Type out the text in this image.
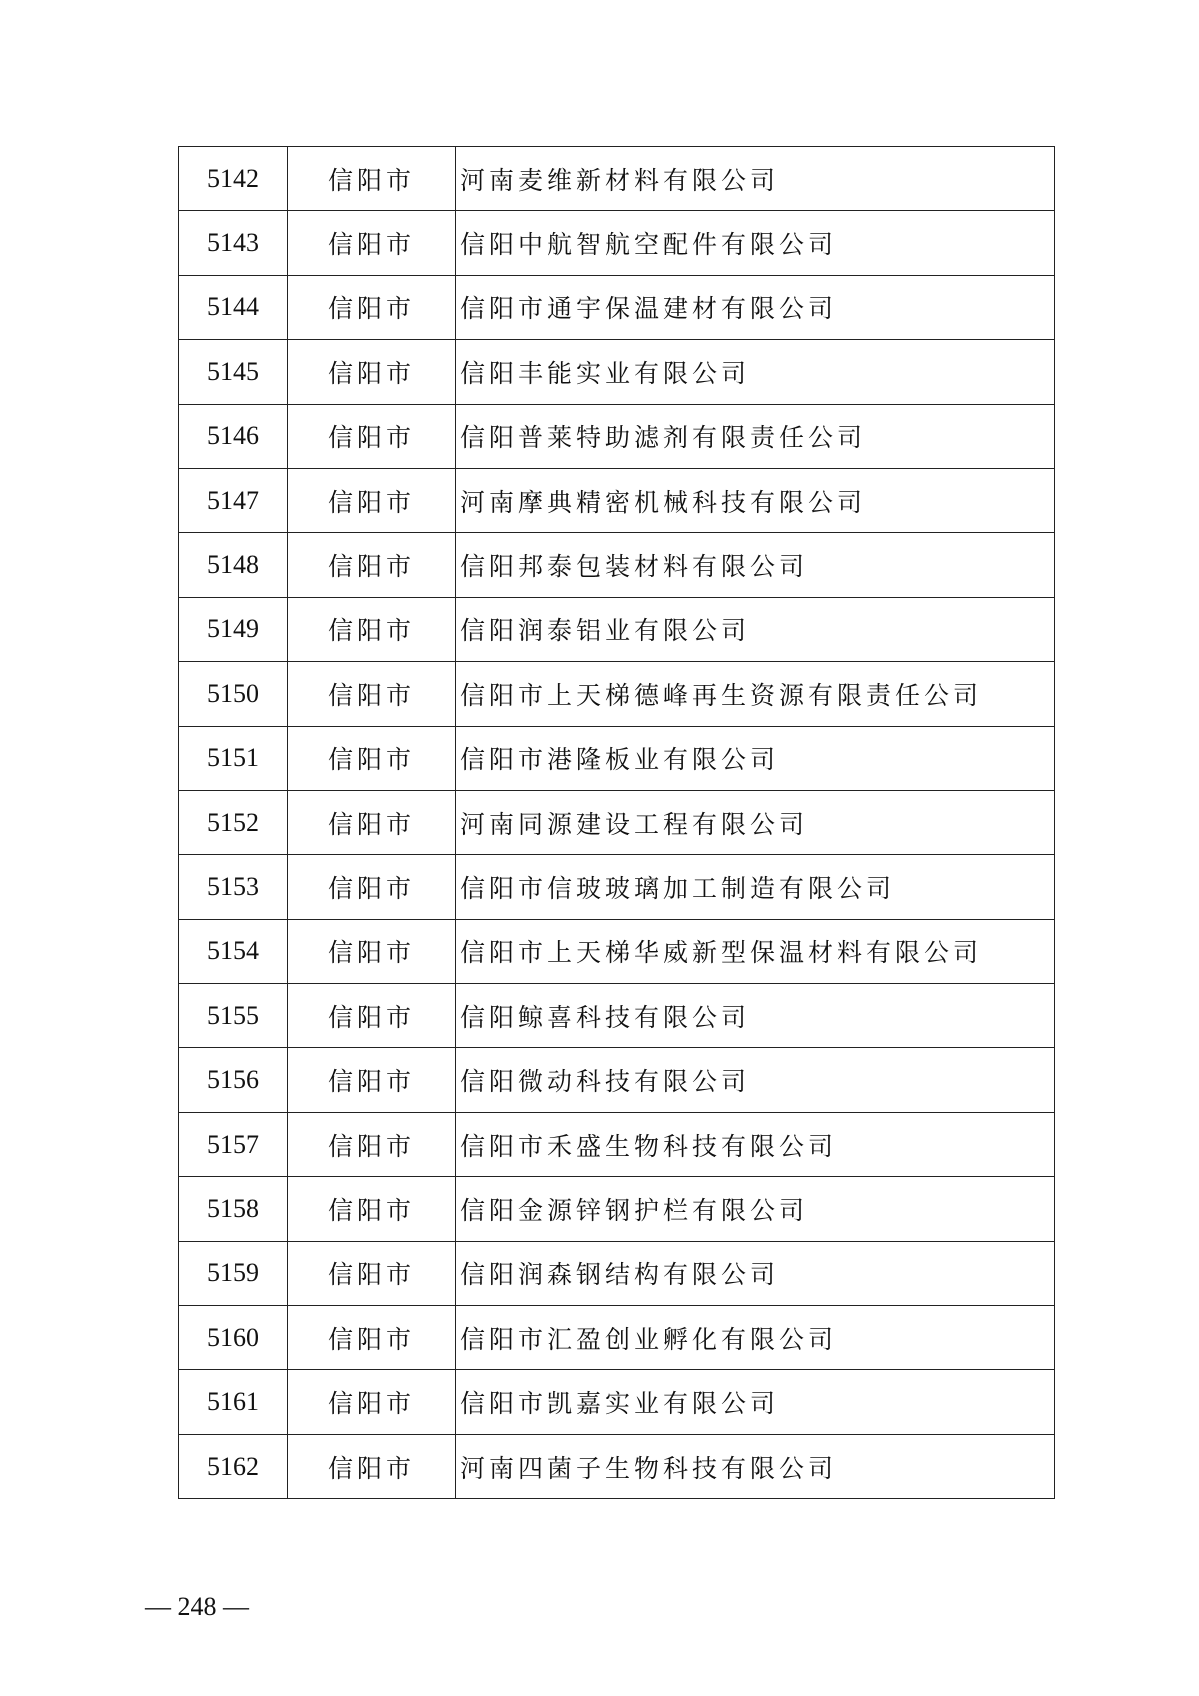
5142	信阳市	河南麦维新材料有限公司
5143	信阳市	信阳中航智航空配件有限公司
5144	信阳市	信阳市通宇保温建材有限公司
5145	信阳市	信阳丰能实业有限公司
5146	信阳市	信阳普莱特助滤剂有限责任公司
5147	信阳市	河南摩典精密机械科技有限公司
5148	信阳市	信阳邦泰包装材料有限公司
5149	信阳市	信阳润泰铝业有限公司
5150	信阳市	信阳市上天梯德峰再生资源有限责任公司
5151	信阳市	信阳市港隆板业有限公司
5152	信阳市	河南同源建设工程有限公司
5153	信阳市	信阳市信玻玻璃加工制造有限公司
5154	信阳市	信阳市上天梯华威新型保温材料有限公司
5155	信阳市	信阳鲸喜科技有限公司
5156	信阳市	信阳微动科技有限公司
5157	信阳市	信阳市禾盛生物科技有限公司
5158	信阳市	信阳金源锌钢护栏有限公司
5159	信阳市	信阳润森钢结构有限公司
5160	信阳市	信阳市汇盈创业孵化有限公司
5161	信阳市	信阳市凯嘉实业有限公司
5162	信阳市	河南四菌子生物科技有限公司
— 248 —
